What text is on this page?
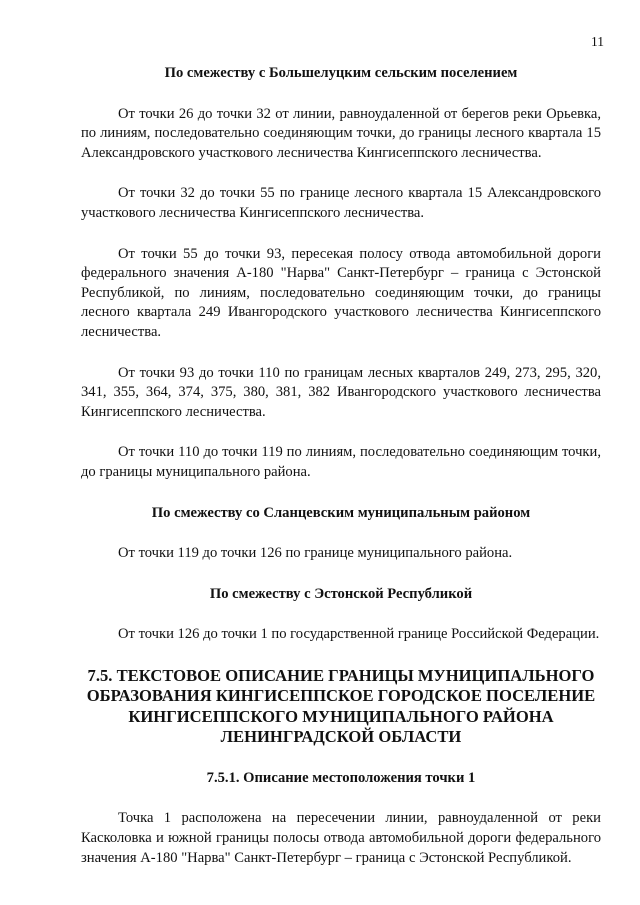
11

По смежеству с Большелуцким сельским поселением

От точки 26 до точки 32 от линии, равноудаленной от берегов реки Орьевка, по линиям, последовательно соединяющим точки, до границы лесного квартала 15 Александровского участкового лесничества Кингисеппского лесничества.

От точки 32 до точки 55 по границе лесного квартала 15 Александровского участкового лесничества Кингисеппского лесничества.

От точки 55 до точки 93, пересекая полосу отвода автомобильной дороги федерального значения А-180 "Нарва" Санкт-Петербург – граница с Эстонской Республикой, по линиям, последовательно соединяющим точки, до границы лесного квартала 249 Ивангородского участкового лесничества Кингисеппского лесничества.

От точки 93 до точки 110 по границам лесных кварталов 249, 273, 295, 320, 341, 355, 364, 374, 375, 380, 381, 382 Ивангородского участкового лесничества Кингисеппского лесничества.

От точки 110 до точки 119 по линиям, последовательно соединяющим точки, до границы муниципального района.

По смежеству со Сланцевским муниципальным районом

От точки 119 до точки 126 по границе муниципального района.

По смежеству с Эстонской Республикой

От точки 126 до точки 1 по государственной границе Российской Федерации.

7.5. ТЕКСТОВОЕ ОПИСАНИЕ ГРАНИЦЫ МУНИЦИПАЛЬНОГО ОБРАЗОВАНИЯ КИНГИСЕППСКОЕ ГОРОДСКОЕ ПОСЕЛЕНИЕ КИНГИСЕППСКОГО МУНИЦИПАЛЬНОГО РАЙОНА ЛЕНИНГРАДСКОЙ ОБЛАСТИ

7.5.1. Описание местоположения точки 1

Точка 1 расположена на пересечении линии, равноудаленной от реки Касколовка и южной границы полосы отвода автомобильной дороги федерального значения А-180 "Нарва" Санкт-Петербург – граница с Эстонской Республикой.
